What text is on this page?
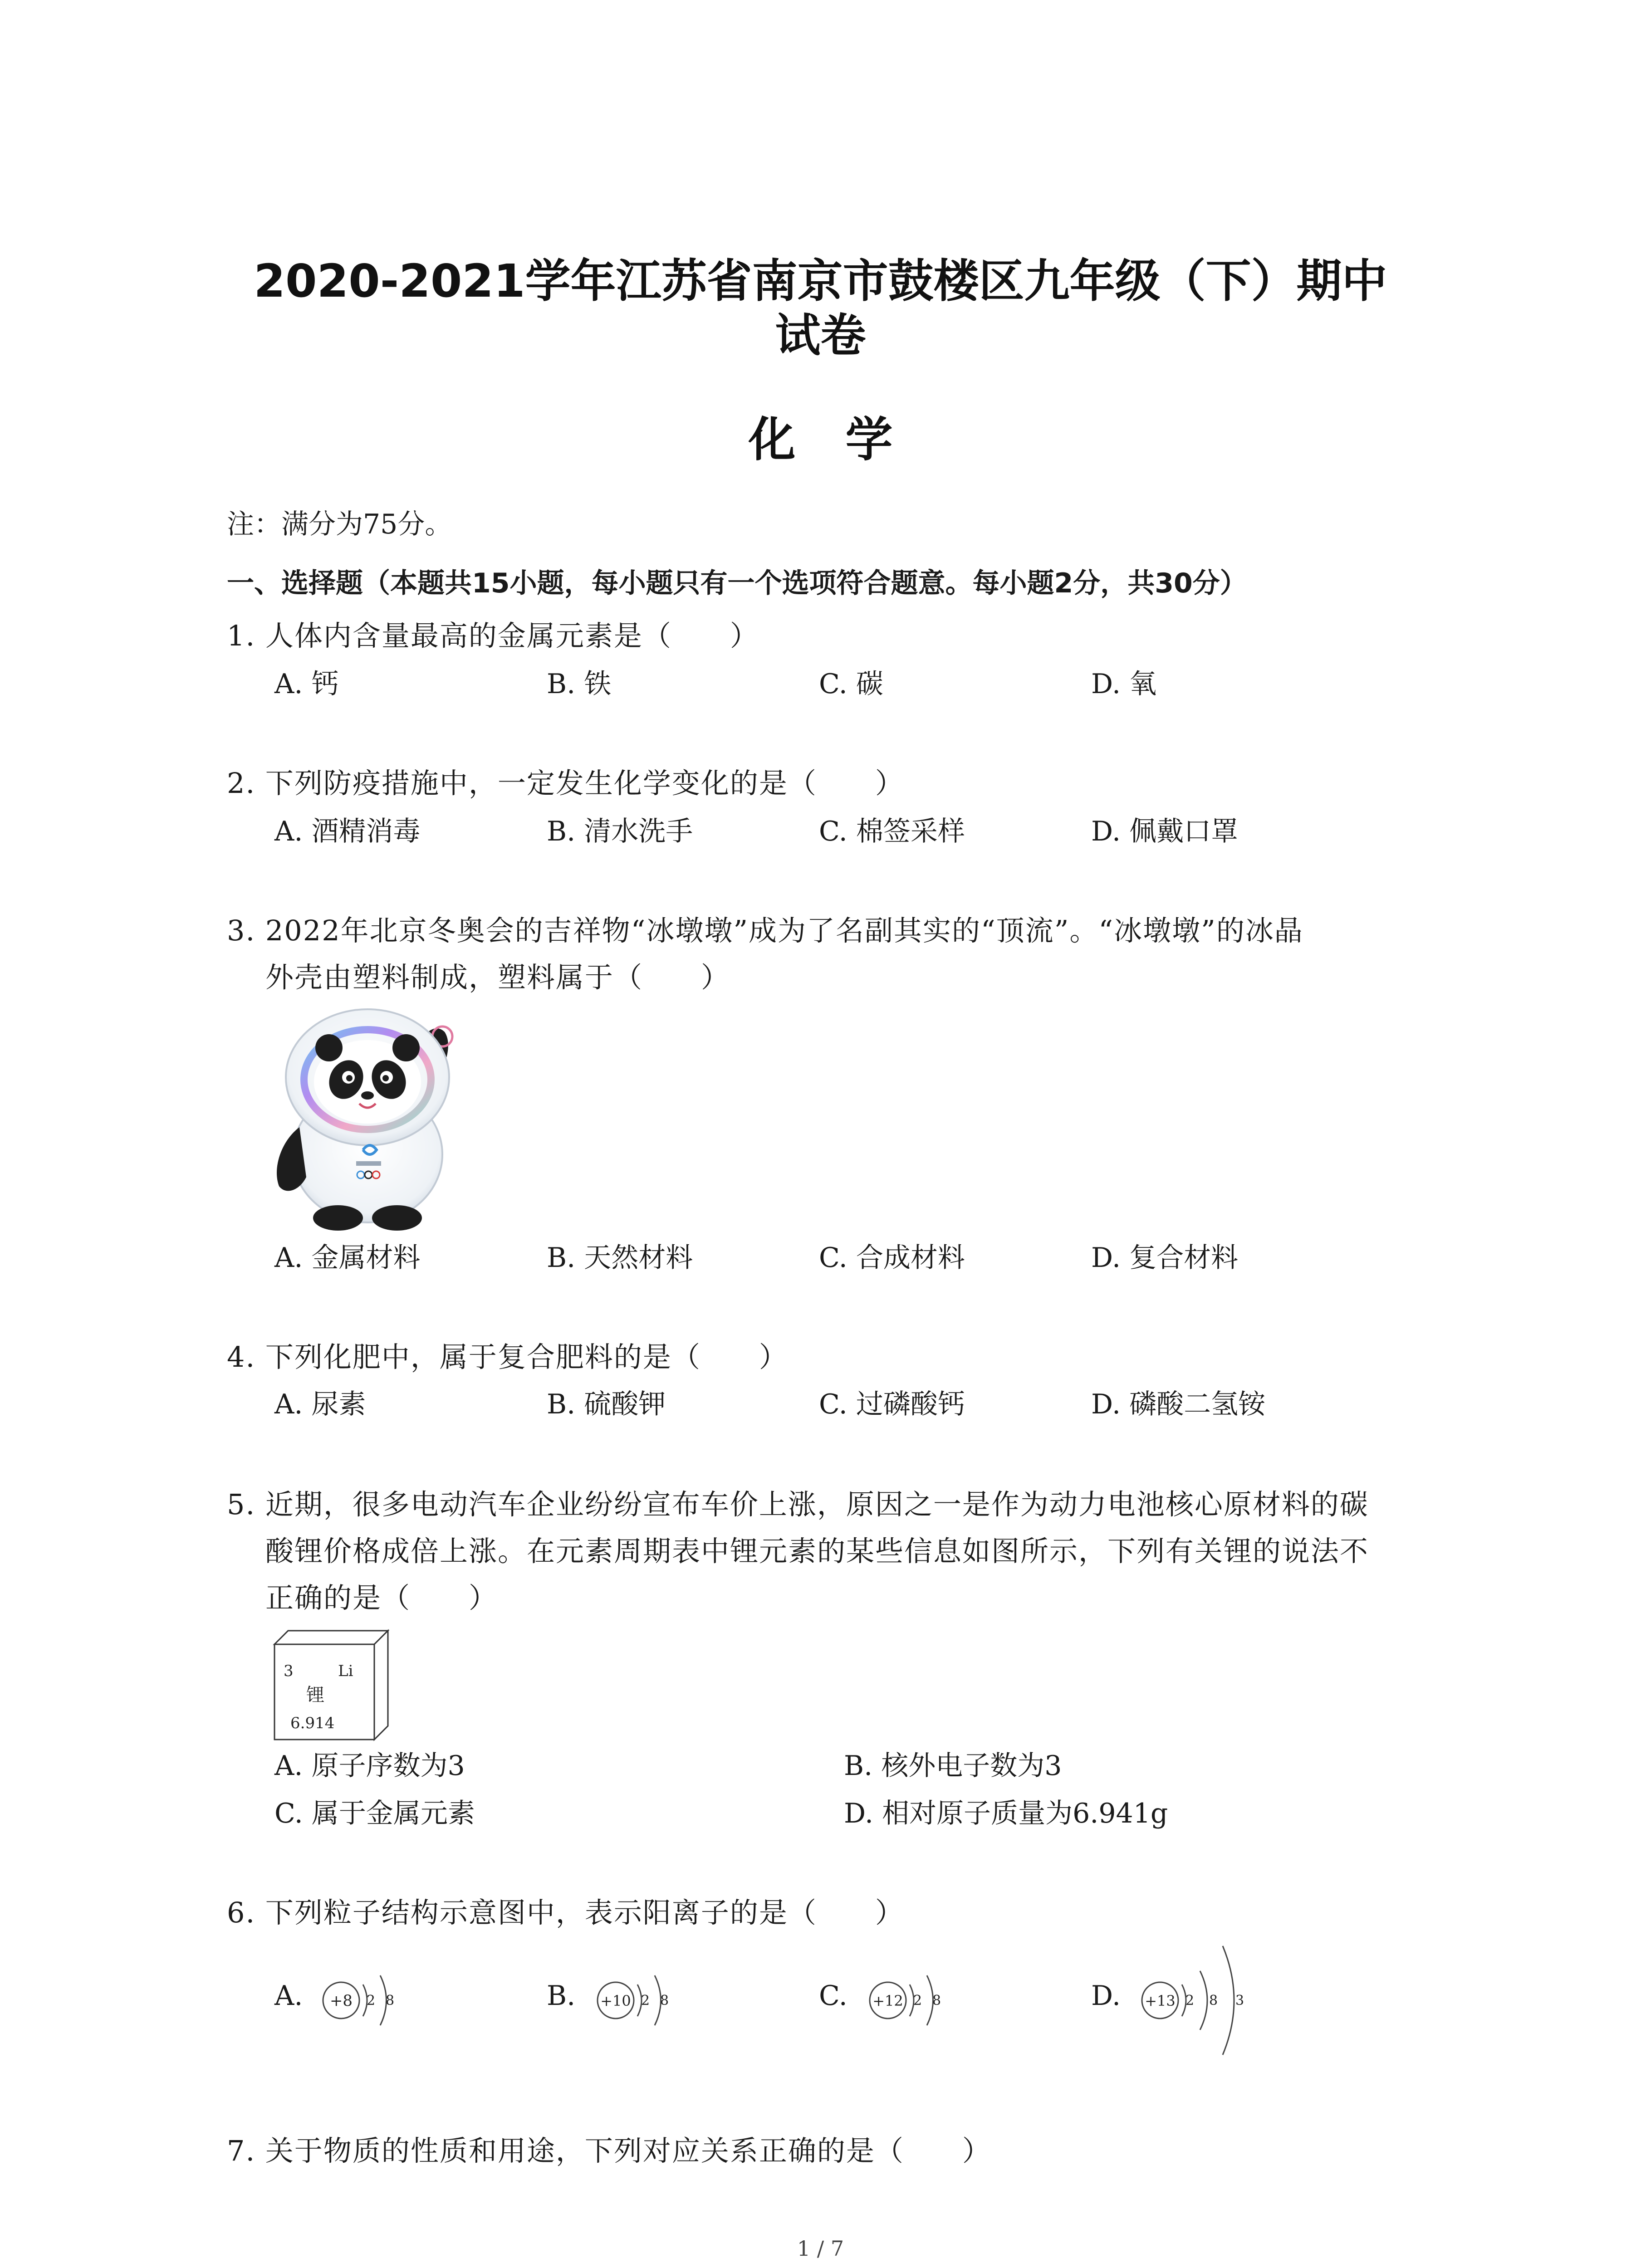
2020-2021学年江苏省南京市鼓楼区九年级（下）期中
试卷
化学
注：满分为75分。
一、选择题（本题共15小题，每小题只有一个选项符合题意。每小题2分，共30分）
1. 人体内含量最高的金属元素是（　　）
A. 钙	B. 铁	C. 碳	D. 氧
2. 下列防疫措施中，一定发生化学变化的是（　　）
A. 酒精消毒	B. 清水洗手	C. 棉签采样	D. 佩戴口罩
3. 2022年北京冬奥会的吉祥物“冰墩墩”成为了名副其实的“顶流”。“冰墩墩”的冰晶
外壳由塑料制成，塑料属于（　　）
A. 金属材料	B. 天然材料	C. 合成材料	D. 复合材料
4. 下列化肥中，属于复合肥料的是（　　）
A. 尿素	B. 硫酸钾	C. 过磷酸钙	D. 磷酸二氢铵
5. 近期，很多电动汽车企业纷纷宣布车价上涨，原因之一是作为动力电池核心原材料的碳
酸锂价格成倍上涨。在元素周期表中锂元素的某些信息如图所示，下列有关锂的说法不
正确的是（　　）
3	Li
锂
6.914
A. 原子序数为3	B. 核外电子数为3
C. 属于金属元素	D. 相对原子质量为6.941g
6. 下列粒子结构示意图中，表示阳离子的是（　　）
A.	B.	C.	D.
+8 2 8	+10 2 8	+12 2 8	+13 2 8 3
7. 关于物质的性质和用途，下列对应关系正确的是（　　）
1 / 7
